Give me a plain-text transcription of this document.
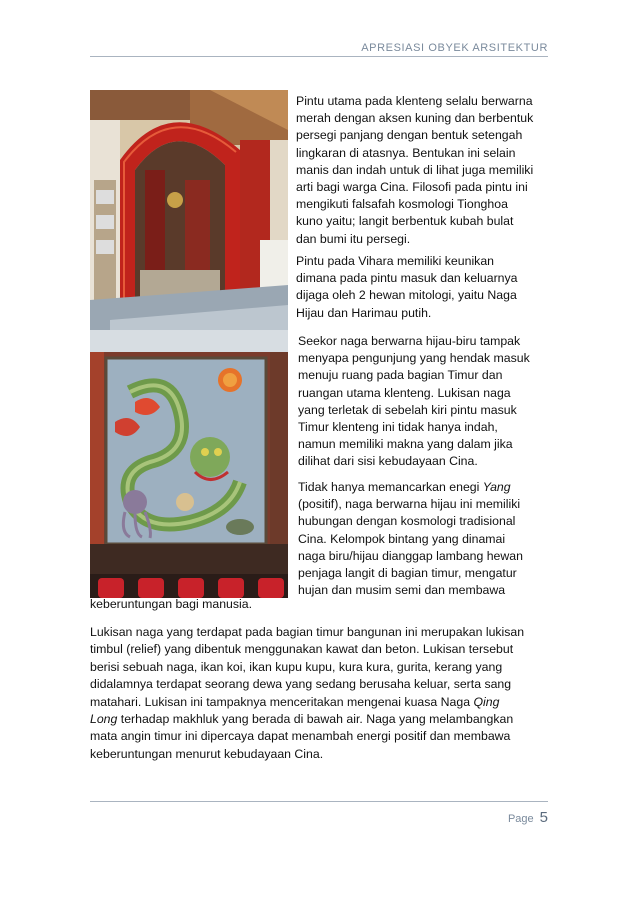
APRESIASI OBYEK ARSITEKTUR
Pintu utama pada klenteng selalu berwarna
merah dengan aksen kuning dan berbentuk
persegi panjang dengan bentuk setengah
lingkaran di atasnya. Bentukan ini selain
manis dan indah untuk di lihat juga memiliki
arti bagi warga Cina. Filosofi pada pintu ini
mengikuti falsafah kosmologi Tionghoa
kuno yaitu; langit berbentuk kubah bulat
dan bumi itu persegi.
Pintu pada Vihara memiliki keunikan
dimana pada pintu masuk dan keluarnya
dijaga oleh 2 hewan mitologi, yaitu Naga
Hijau dan Harimau putih.
Seekor naga berwarna hijau-biru tampak
menyapa pengunjung yang hendak masuk
menuju ruang pada bagian Timur dan
ruangan utama klenteng. Lukisan naga
yang terletak di sebelah kiri pintu masuk
Timur klenteng ini tidak hanya indah,
namun memiliki makna yang dalam jika
dilihat dari sisi kebudayaan Cina.
Tidak hanya memancarkan enegi Yang
(positif), naga berwarna hijau ini memiliki
hubungan dengan kosmologi tradisional
Cina. Kelompok bintang yang dinamai
naga biru/hijau dianggap lambang hewan
penjaga langit di bagian timur, mengatur
hujan dan musim semi dan membawa
keberuntungan bagi manusia.
Lukisan naga yang terdapat pada bagian timur bangunan ini merupakan lukisan
timbul (relief) yang dibentuk menggunakan kawat dan beton. Lukisan tersebut
berisi sebuah naga, ikan koi, ikan kupu kupu, kura kura, gurita, kerang yang
didalamnya terdapat seorang dewa yang sedang berusaha keluar, serta sang
matahari. Lukisan ini tampaknya menceritakan mengenai kuasa Naga Qing
Long terhadap makhluk yang berada di bawah air. Naga yang melambangkan
mata angin timur ini dipercaya dapat menambah energi positif dan membawa
keberuntungan menurut kebudayaan Cina.
Page 5
